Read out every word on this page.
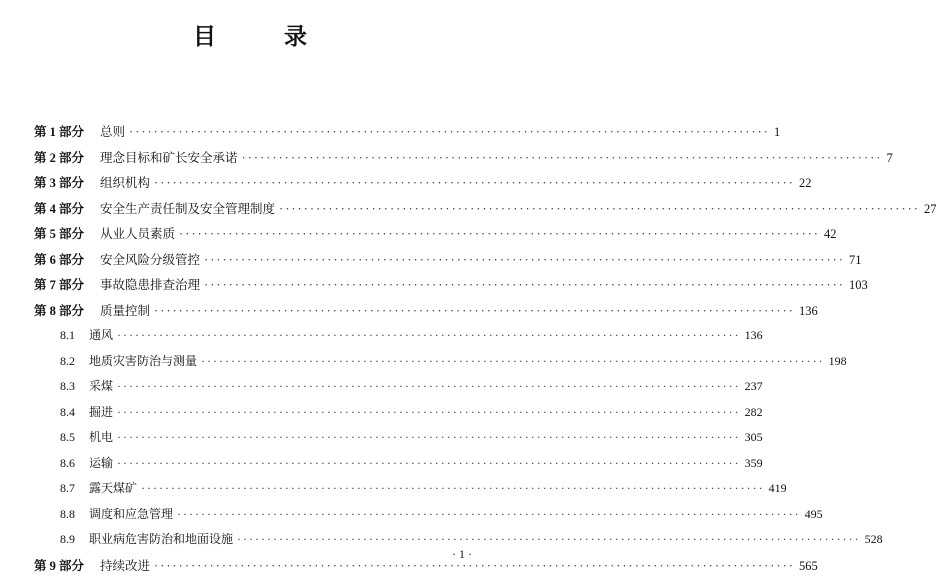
目 录
第 1 部分 总则 ········································································································ 1
第 2 部分 理念目标和矿长安全承诺 ········································································································ 7
第 3 部分 组织机构 ········································································································ 22
第 4 部分 安全生产责任制及安全管理制度 ········································································································ 27
第 5 部分 从业人员素质 ········································································································ 42
第 6 部分 安全风险分级管控 ········································································································ 71
第 7 部分 事故隐患排查治理 ········································································································ 103
第 8 部分 质量控制 ········································································································ 136
8.1 通风 ········································································································ 136
8.2 地质灾害防治与测量 ········································································································ 198
8.3 采煤 ········································································································ 237
8.4 掘进 ········································································································ 282
8.5 机电 ········································································································ 305
8.6 运输 ········································································································ 359
8.7 露天煤矿 ········································································································ 419
8.8 调度和应急管理 ········································································································ 495
8.9 职业病危害防治和地面设施 ········································································································ 528
第 9 部分 持续改进 ········································································································ 565
· 1 ·
